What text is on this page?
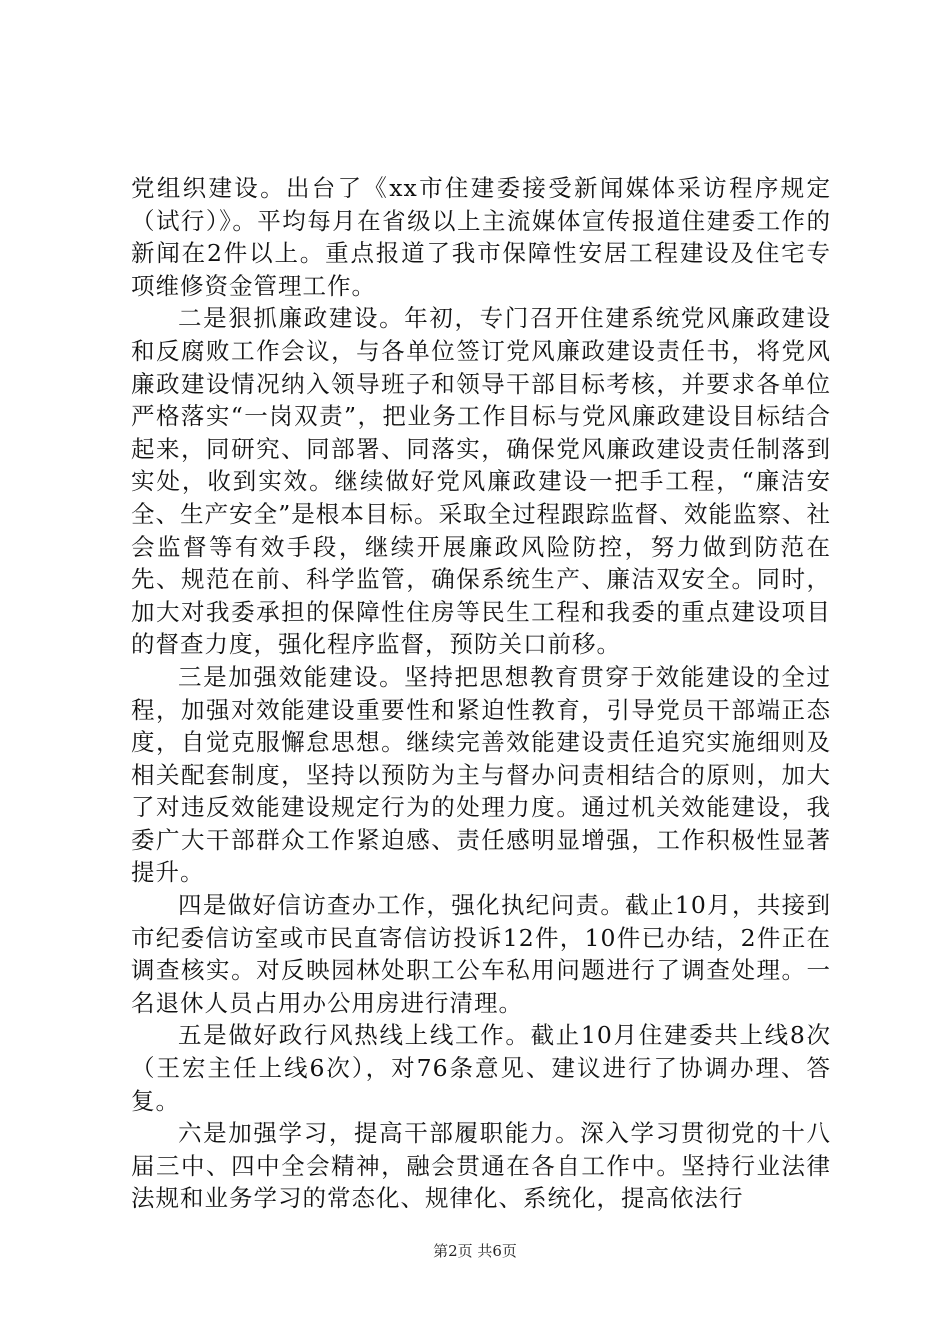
党组织建设。出台了《xx市住建委接受新闻媒体采访程序规定（试行）》。平均每月在省级以上主流媒体宣传报道住建委工作的新闻在2件以上。重点报道了我市保障性安居工程建设及住宅专项维修资金管理工作。

二是狠抓廉政建设。年初，专门召开住建系统党风廉政建设和反腐败工作会议，与各单位签订党风廉政建设责任书，将党风廉政建设情况纳入领导班子和领导干部目标考核，并要求各单位严格落实“一岗双责”，把业务工作目标与党风廉政建设目标结合起来，同研究、同部署、同落实，确保党风廉政建设责任制落到实处，收到实效。继续做好党风廉政建设一把手工程，“廉洁安全、生产安全”是根本目标。采取全过程跟踪监督、效能监察、社会监督等有效手段，继续开展廉政风险防控，努力做到防范在先、规范在前、科学监管，确保系统生产、廉洁双安全。同时，加大对我委承担的保障性住房等民生工程和我委的重点建设项目的督查力度，强化程序监督，预防关口前移。

三是加强效能建设。坚持把思想教育贯穿于效能建设的全过程，加强对效能建设重要性和紧迫性教育，引导党员干部端正态度，自觉克服懈怠思想。继续完善效能建设责任追究实施细则及相关配套制度，坚持以预防为主与督办问责相结合的原则，加大了对违反效能建设规定行为的处理力度。通过机关效能建设，我委广大干部群众工作紧迫感、责任感明显增强，工作积极性显著提升。

四是做好信访查办工作，强化执纪问责。截止10月，共接到市纪委信访室或市民直寄信访投诉12件，10件已办结，2件正在调查核实。对反映园林处职工公车私用问题进行了调查处理。一名退休人员占用办公用房进行清理。

五是做好政行风热线上线工作。截止10月住建委共上线8次（王宏主任上线6次），对76条意见、建议进行了协调办理、答复。

六是加强学习，提高干部履职能力。深入学习贯彻党的十八届三中、四中全会精神，融会贯通在各自工作中。坚持行业法律法规和业务学习的常态化、规律化、系统化，提高依法行

第2页 共6页
